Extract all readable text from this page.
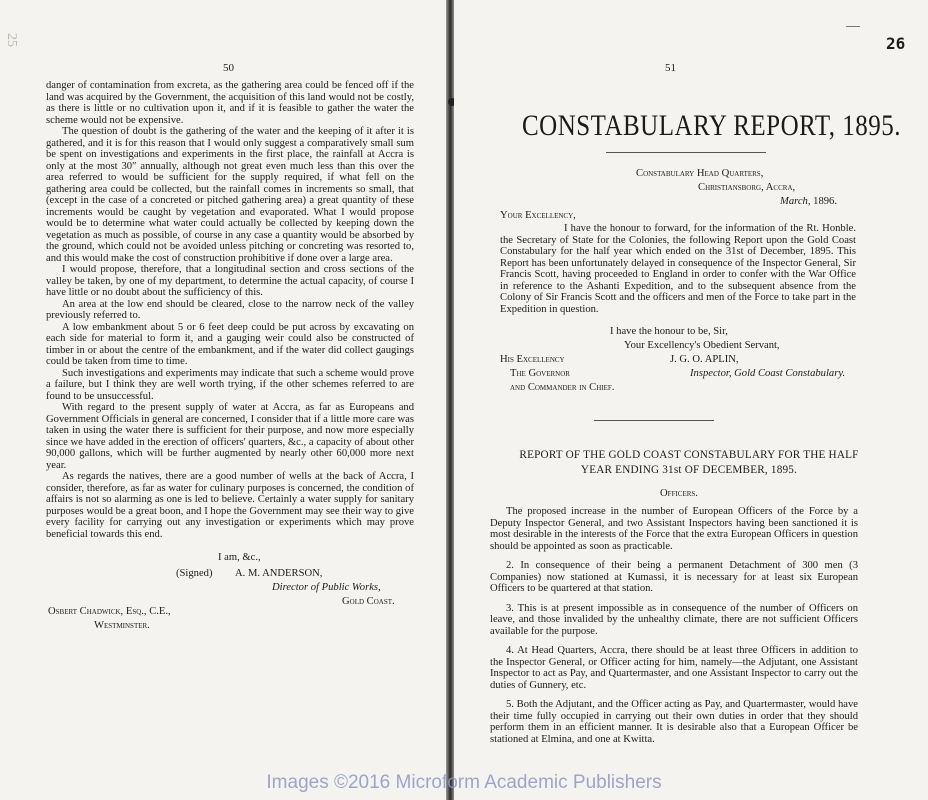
25
50

danger of contamination from excreta, as the gathering area could be fenced off if the land was acquired by the Government, the acquisition of this land would not be costly, as there is little or no cultivation upon it, and if it is feasible to gather the water the scheme would not be expensive.

The question of doubt is the gathering of the water and the keeping of it after it is gathered, and it is for this reason that I would only suggest a comparatively small sum be spent on investigations and experiments in the first place, the rainfall at Accra is only at the most 30″ annually, although not great even much less than this over the area referred to would be sufficient for the supply required, if what fell on the gathering area could be collected, but the rainfall comes in increments so small, that (except in the case of a concreted or pitched gathering area) a great quantity of these increments would be caught by vegetation and evaporated. What I would propose would be to determine what water could actually be collected by keeping down the vegetation as much as possible, of course in any case a quantity would be absorbed by the ground, which could not be avoided unless pitching or concreting was resorted to, and this would make the cost of construction prohibitive if done over a large area.

I would propose, therefore, that a longitudinal section and cross sections of the valley be taken, by one of my department, to determine the actual capacity, of course I have little or no doubt about the sufficiency of this.

An area at the low end should be cleared, close to the narrow neck of the valley previously referred to.

A low embankment about 5 or 6 feet deep could be put across by excavating on each side for material to form it, and a gauging weir could also be constructed of timber in or about the centre of the embankment, and if the water did collect gaugings could be taken from time to time.

Such investigations and experiments may indicate that such a scheme would prove a failure, but I think they are well worth trying, if the other schemes referred to are found to be unsuccessful.

With regard to the present supply of water at Accra, as far as Europeans and Government Officials in general are concerned, I consider that if a little more care was taken in using the water there is sufficient for their purpose, and now more especially since we have added in the erection of officers' quarters, &c., a capacity of about other 90,000 gallons, which will be further augmented by nearly other 60,000 more next year.

As regards the natives, there are a good number of wells at the back of Accra, I consider, therefore, as far as water for culinary purposes is concerned, the condition of affairs is not so alarming as one is led to believe. Certainly a water supply for sanitary purposes would be a great boon, and I hope the Government may see their way to give every facility for carrying out any investigation or experiments which may prove beneficial towards this end.

I am, &c.,
(Signed) A. M. ANDERSON,
Director of Public Works,
Gold Coast.
Osbert Chadwick, Esq., C.E.,
Westminster.
26
51
CONSTABULARY REPORT, 1895.
Constabulary Head Quarters,
Christiansborg, Accra,
March, 1896.
Your Excellency,

I have the honour to forward, for the information of the Rt. Honble. the Secretary of State for the Colonies, the following Report upon the Gold Coast Constabulary for the half year which ended on the 31st of December, 1895. This Report has been unfortunately delayed in consequence of the Inspector General, Sir Francis Scott, having proceeded to England in order to confer with the War Office in reference to the Ashanti Expedition, and to the subsequent absence from the Colony of Sir Francis Scott and the officers and men of the Force to take part in the Expedition in question.

I have the honour to be, Sir,
Your Excellency's Obedient Servant,
His Excellency
The Governor
and Commander in Chief.
J. G. O. APLIN,
Inspector, Gold Coast Constabulary.
REPORT OF THE GOLD COAST CONSTABULARY FOR THE HALF
YEAR ENDING 31st OF DECEMBER, 1895.
Officers.

The proposed increase in the number of European Officers of the Force by a Deputy Inspector General, and two Assistant Inspectors having been sanctioned it is most desirable in the interests of the Force that the extra European Officers in question should be appointed as soon as practicable.

2. In consequence of their being a permanent Detachment of 300 men (3 Companies) now stationed at Kumassi, it is necessary for at least six European Officers to be quartered at that station.

3. This is at present impossible as in consequence of the number of Officers on leave, and those invalided by the unhealthy climate, there are not sufficient Officers available for the purpose.

4. At Head Quarters, Accra, there should be at least three Officers in addition to the Inspector General, or Officer acting for him, namely—the Adjutant, one Assistant Inspector to act as Pay, and Quartermaster, and one Assistant Inspector to carry out the duties of Gunnery, etc.

5. Both the Adjutant, and the Officer acting as Pay, and Quartermaster, would have their time fully occupied in carrying out their own duties in order that they should perform them in an efficient manner. It is desirable also that a European Officer be stationed at Elmina, and one at Kwitta.

Images ©2016 Microform Academic Publishers
